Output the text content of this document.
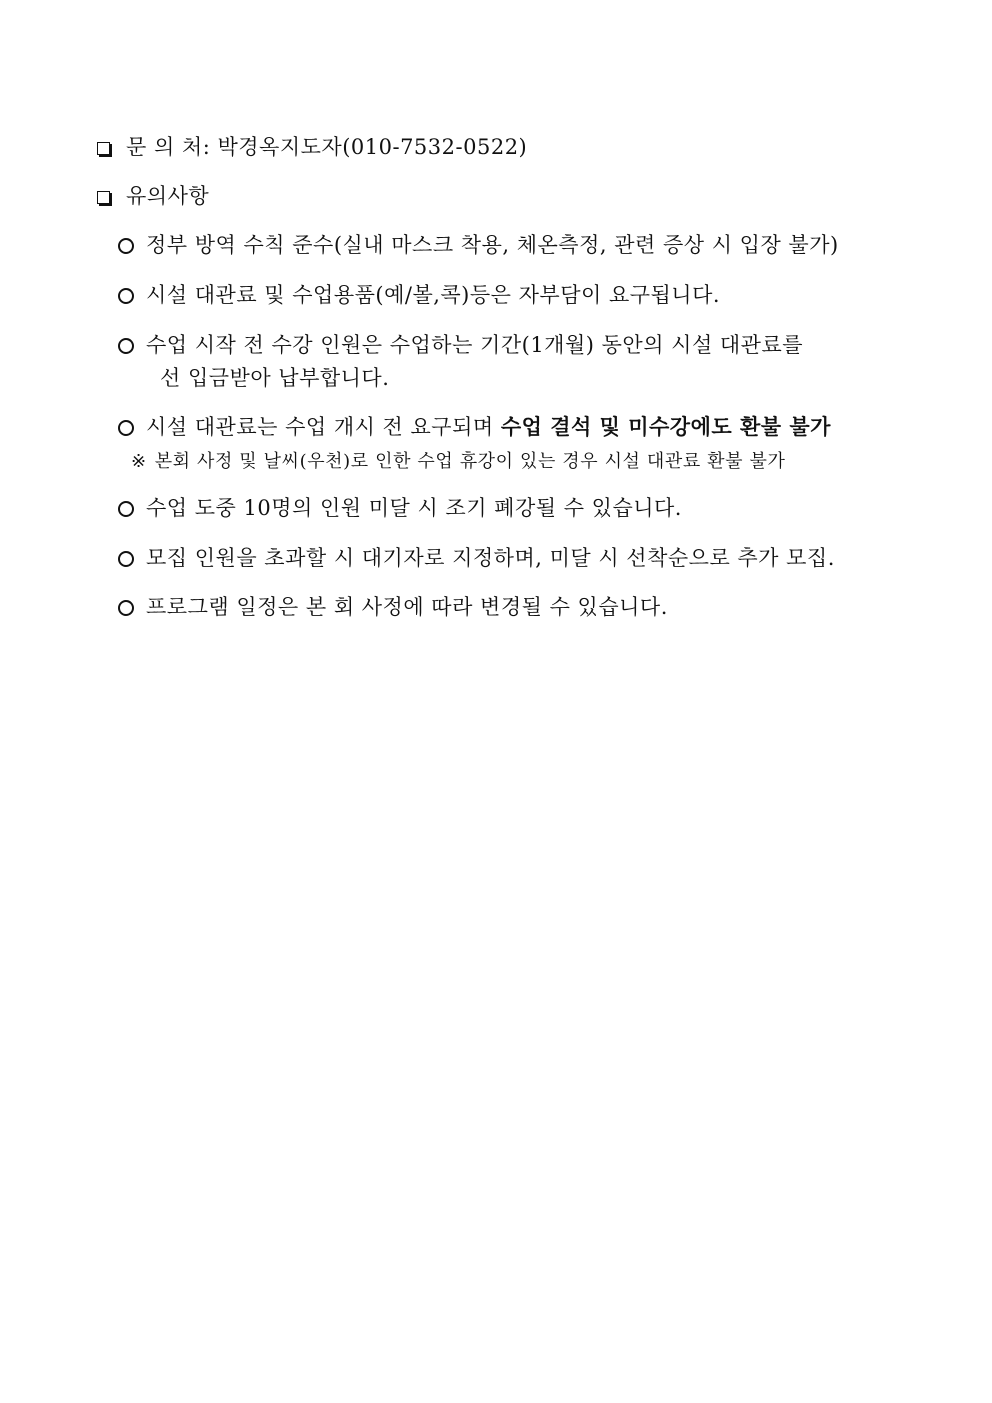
문 의 처: 박경옥지도자(010-7532-0522)
유의사항
정부 방역 수칙 준수(실내 마스크 착용, 체온측정, 관련 증상 시 입장 불가)
시설 대관료 및 수업용품(예/볼,콕)등은 자부담이 요구됩니다.
수업 시작 전 수강 인원은 수업하는 기간(1개월) 동안의 시설 대관료를
선 입금받아 납부합니다.
시설 대관료는 수업 개시 전 요구되며 수업 결석 및 미수강에도 환불 불가
※ 본회 사정 및 날씨(우천)로 인한 수업 휴강이 있는 경우 시설 대관료 환불 불가
수업 도중 10명의 인원 미달 시 조기 폐강될 수 있습니다.
모집 인원을 초과할 시 대기자로 지정하며, 미달 시 선착순으로 추가 모집.
프로그램 일정은 본 회 사정에 따라 변경될 수 있습니다.
